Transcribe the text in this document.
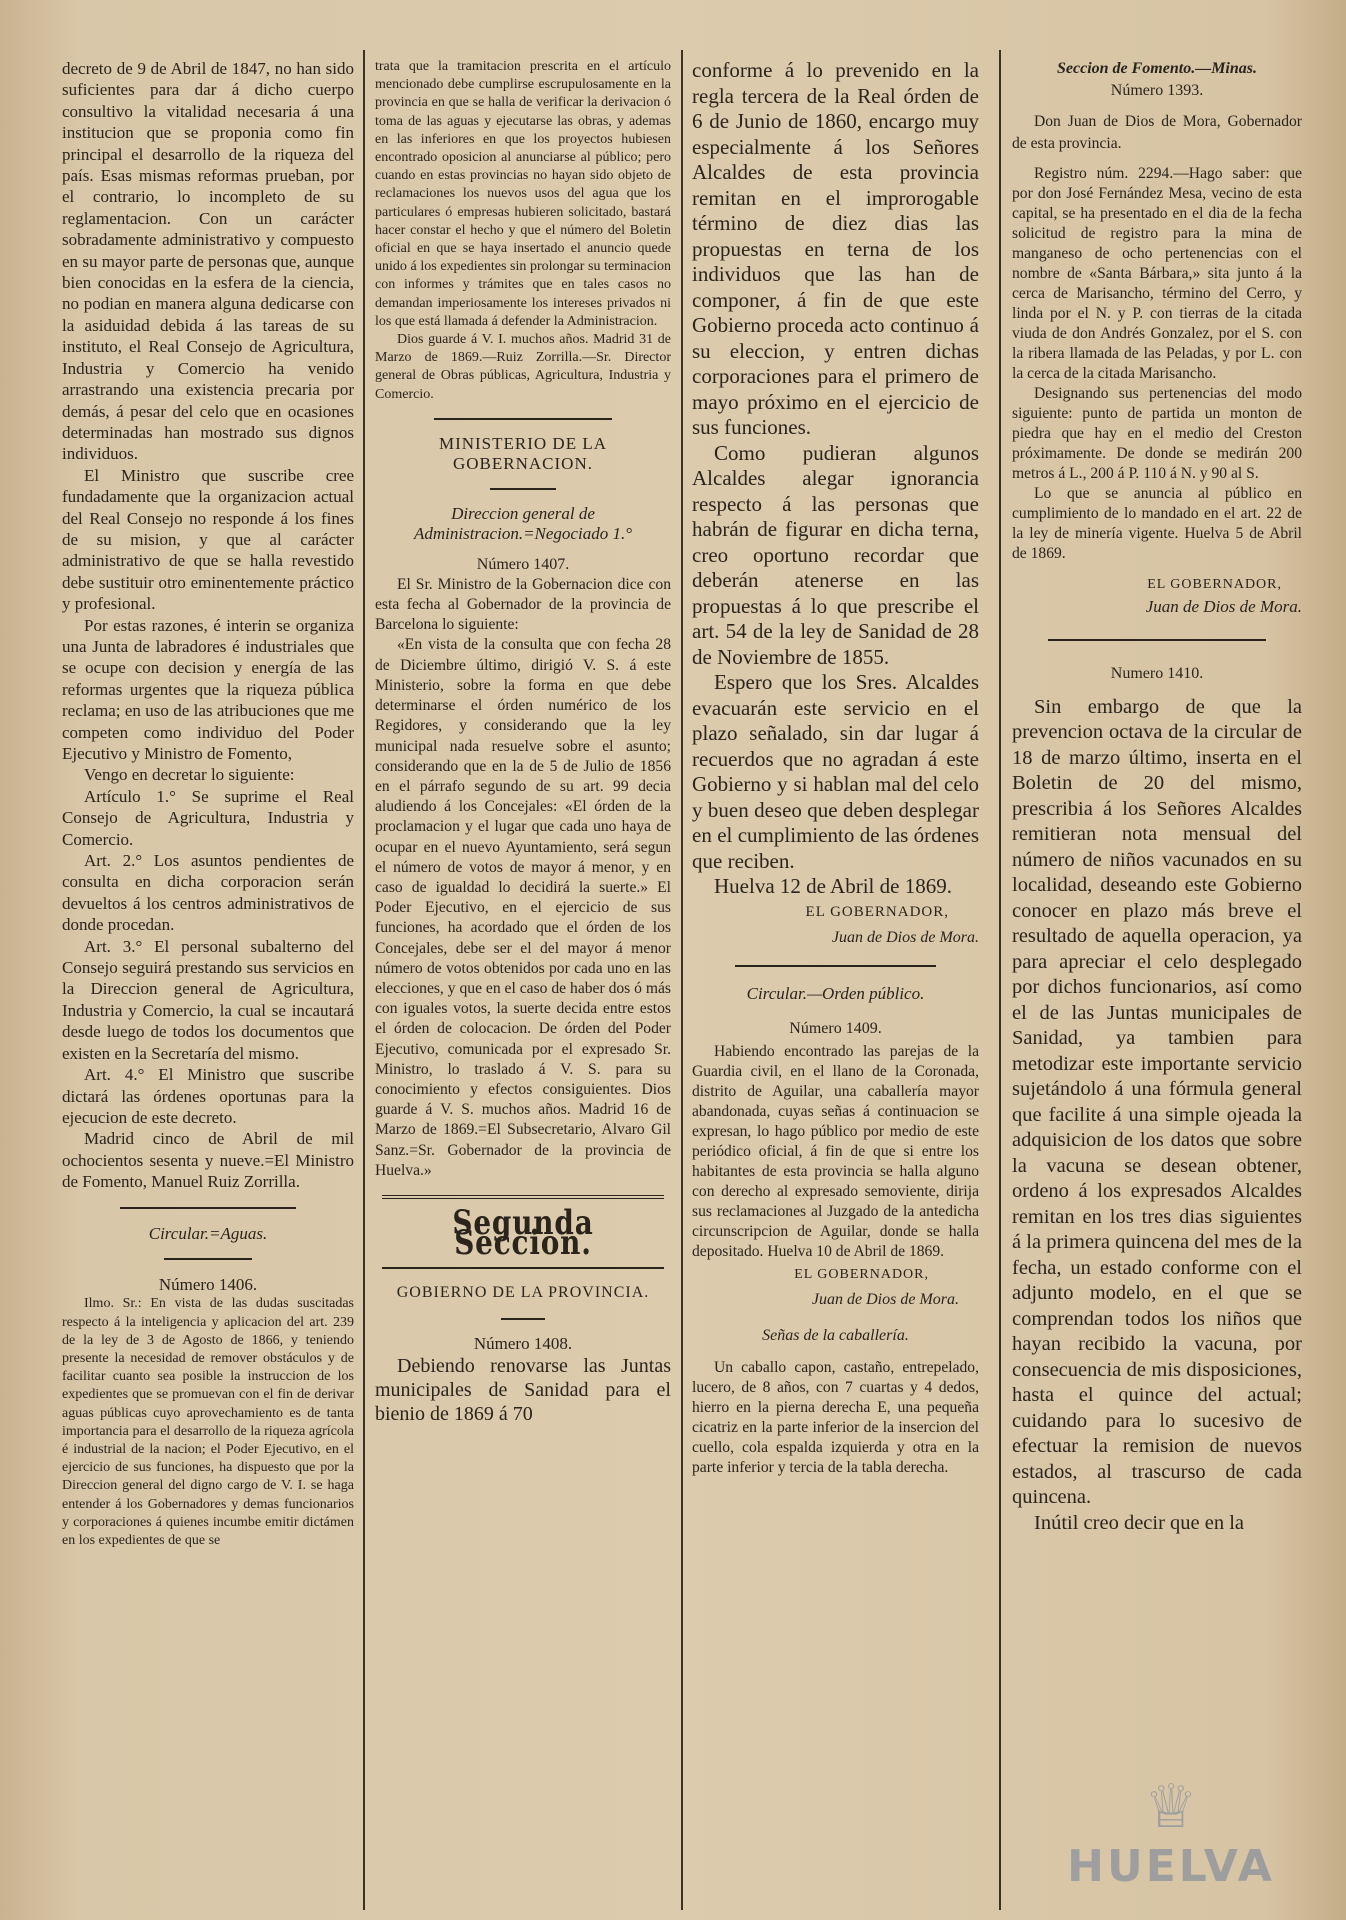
decreto de 9 de Abril de 1847, no han sido suficientes para dar á dicho cuerpo consultivo la vitalidad necesaria á una institucion que se proponia como fin principal el desarrollo de la riqueza del país. Esas mismas reformas prueban, por el contrario, lo incompleto de su reglamentacion. Con un carácter sobradamente administrativo y compuesto en su mayor parte de personas que, aunque bien conocidas en la esfera de la ciencia, no podian en manera alguna dedicarse con la asiduidad debida á las tareas de su instituto, el Real Consejo de Agricultura, Industria y Comercio ha venido arrastrando una existencia precaria por demás, á pesar del celo que en ocasiones determinadas han mostrado sus dignos individuos.

El Ministro que suscribe cree fundadamente que la organizacion actual del Real Consejo no responde á los fines de su mision, y que al carácter administrativo de que se halla revestido debe sustituir otro eminentemente práctico y profesional.

Por estas razones, é interin se organiza una Junta de labradores é industriales que se ocupe con decision y energía de las reformas urgentes que la riqueza pública reclama; en uso de las atribuciones que me competen como individuo del Poder Ejecutivo y Ministro de Fomento,

Vengo en decretar lo siguiente:

Artículo 1.° Se suprime el Real Consejo de Agricultura, Industria y Comercio.

Art. 2.° Los asuntos pendientes de consulta en dicha corporacion serán devueltos á los centros administrativos de donde procedan.

Art. 3.° El personal subalterno del Consejo seguirá prestando sus servicios en la Direccion general de Agricultura, Industria y Comercio, la cual se incautará desde luego de todos los documentos que existen en la Secretaría del mismo.

Art. 4.° El Ministro que suscribe dictará las órdenes oportunas para la ejecucion de este decreto.

Madrid cinco de Abril de mil ochocientos sesenta y nueve.=El Ministro de Fomento, Manuel Ruiz Zorrilla.

Circular.=Aguas.

Número 1406.

Ilmo. Sr.: En vista de las dudas suscitadas respecto á la inteligencia y aplicacion del art. 239 de la ley de 3 de Agosto de 1866, y teniendo presente la necesidad de remover obstáculos y de facilitar cuanto sea posible la instruccion de los expedientes que se promuevan con el fin de derivar aguas públicas cuyo aprovechamiento es de tanta importancia para el desarrollo de la riqueza agrícola é industrial de la nacion; el Poder Ejecutivo, en el ejercicio de sus funciones, ha dispuesto que por la Direccion general del digno cargo de V. I. se haga entender á los Gobernadores y demas funcionarios y corporaciones á quienes incumbe emitir dictámen en los expedientes de que se

trata que la tramitacion prescrita en el artículo mencionado debe cumplirse escrupulosamente en la provincia en que se halla de verificar la derivacion ó toma de las aguas y ejecutarse las obras, y ademas en las inferiores en que los proyectos hubiesen encontrado oposicion al anunciarse al público; pero cuando en estas provincias no hayan sido objeto de reclamaciones los nuevos usos del agua que los particulares ó empresas hubieren solicitado, bastará hacer constar el hecho y que el número del Boletin oficial en que se haya insertado el anuncio quede unido á los expedientes sin prolongar su terminacion con informes y trámites que en tales casos no demandan imperiosamente los intereses privados ni los que está llamada á defender la Administracion.

Dios guarde á V. I. muchos años. Madrid 31 de Marzo de 1869.—Ruiz Zorrilla.—Sr. Director general de Obras públicas, Agricultura, Industria y Comercio.

MINISTERIO DE LA GOBERNACION.

Direccion general de Administracion.=Negociado 1.°

Número 1407.

El Sr. Ministro de la Gobernacion dice con esta fecha al Gobernador de la provincia de Barcelona lo siguiente:

«En vista de la consulta que con fecha 28 de Diciembre último, dirigió V. S. á este Ministerio, sobre la forma en que debe determinarse el órden numérico de los Regidores, y considerando que la ley municipal nada resuelve sobre el asunto; considerando que en la de 5 de Julio de 1856 en el párrafo segundo de su art. 99 decia aludiendo á los Concejales: «El órden de la proclamacion y el lugar que cada uno haya de ocupar en el nuevo Ayuntamiento, será segun el número de votos de mayor á menor, y en caso de igualdad lo decidirá la suerte.» El Poder Ejecutivo, en el ejercicio de sus funciones, ha acordado que el órden de los Concejales, debe ser el del mayor á menor número de votos obtenidos por cada uno en las elecciones, y que en el caso de haber dos ó más con iguales votos, la suerte decida entre estos el órden de colocacion. De órden del Poder Ejecutivo, comunicada por el expresado Sr. Ministro, lo traslado á V. S. para su conocimiento y efectos consiguientes. Dios guarde á V. S. muchos años. Madrid 16 de Marzo de 1869.=El Subsecretario, Alvaro Gil Sanz.=Sr. Gobernador de la provincia de Huelva.»

Segunda Seccion.

GOBIERNO DE LA PROVINCIA.

Número 1408.

Debiendo renovarse las Juntas municipales de Sanidad para el bienio de 1869 á 70

conforme á lo prevenido en la regla tercera de la Real órden de 6 de Junio de 1860, encargo muy especialmente á los Señores Alcaldes de esta provincia remitan en el improrogable término de diez dias las propuestas en terna de los individuos que las han de componer, á fin de que este Gobierno proceda acto continuo á su eleccion, y entren dichas corporaciones para el primero de mayo próximo en el ejercicio de sus funciones.

Como pudieran algunos Alcaldes alegar ignorancia respecto á las personas que habrán de figurar en dicha terna, creo oportuno recordar que deberán atenerse en las propuestas á lo que prescribe el art. 54 de la ley de Sanidad de 28 de Noviembre de 1855.

Espero que los Sres. Alcaldes evacuarán este servicio en el plazo señalado, sin dar lugar á recuerdos que no agradan á este Gobierno y si hablan mal del celo y buen deseo que deben desplegar en el cumplimiento de las órdenes que reciben.

Huelva 12 de Abril de 1869.

EL GOBERNADOR,

Juan de Dios de Mora.

Circular.—Orden público.

Número 1409.

Habiendo encontrado las parejas de la Guardia civil, en el llano de la Coronada, distrito de Aguilar, una caballería mayor abandonada, cuyas señas á continuacion se expresan, lo hago público por medio de este periódico oficial, á fin de que si entre los habitantes de esta provincia se halla alguno con derecho al expresado semoviente, dirija sus reclamaciones al Juzgado de la antedicha circunscripcion de Aguilar, donde se halla depositado. Huelva 10 de Abril de 1869.

EL GOBERNADOR,

Juan de Dios de Mora.

Señas de la caballería.

Un caballo capon, castaño, entrepelado, lucero, de 8 años, con 7 cuartas y 4 dedos, hierro en la pierna derecha E, una pequeña cicatriz en la parte inferior de la insercion del cuello, cola espalda izquierda y otra en la parte inferior y tercia de la tabla derecha.

Seccion de Fomento.—Minas.

Número 1393.

Don Juan de Dios de Mora, Gobernador de esta provincia.

Registro núm. 2294.—Hago saber: que por don José Fernández Mesa, vecino de esta capital, se ha presentado en el dia de la fecha solicitud de registro para la mina de manganeso de ocho pertenencias con el nombre de «Santa Bárbara,» sita junto á la cerca de Marisancho, término del Cerro, y linda por el N. y P. con tierras de la citada viuda de don Andrés Gonzalez, por el S. con la ribera llamada de las Peladas, y por L. con la cerca de la citada Marisancho.

Designando sus pertenencias del modo siguiente: punto de partida un monton de piedra que hay en el medio del Creston próximamente. De donde se medirán 200 metros á L., 200 á P. 110 á N. y 90 al S.

Lo que se anuncia al público en cumplimiento de lo mandado en el art. 22 de la ley de minería vigente. Huelva 5 de Abril de 1869.

EL GOBERNADOR,

Juan de Dios de Mora.

Numero 1410.

Sin embargo de que la prevencion octava de la circular de 18 de marzo último, inserta en el Boletin de 20 del mismo, prescribia á los Señores Alcaldes remitieran nota mensual del número de niños vacunados en su localidad, deseando este Gobierno conocer en plazo más breve el resultado de aquella operacion, ya para apreciar el celo desplegado por dichos funcionarios, así como el de las Juntas municipales de Sanidad, ya tambien para metodizar este importante servicio sujetándolo á una fórmula general que facilite á una simple ojeada la adquisicion de los datos que sobre la vacuna se desean obtener, ordeno á los expresados Alcaldes remitan en los tres dias siguientes á la primera quincena del mes de la fecha, un estado conforme con el adjunto modelo, en el que se comprendan todos los niños que hayan recibido la vacuna, por consecuencia de mis disposiciones, hasta el quince del actual; cuidando para lo sucesivo de efectuar la remision de nuevos estados, al trascurso de cada quincena.

Inútil creo decir que en la

♕
HUELVA
